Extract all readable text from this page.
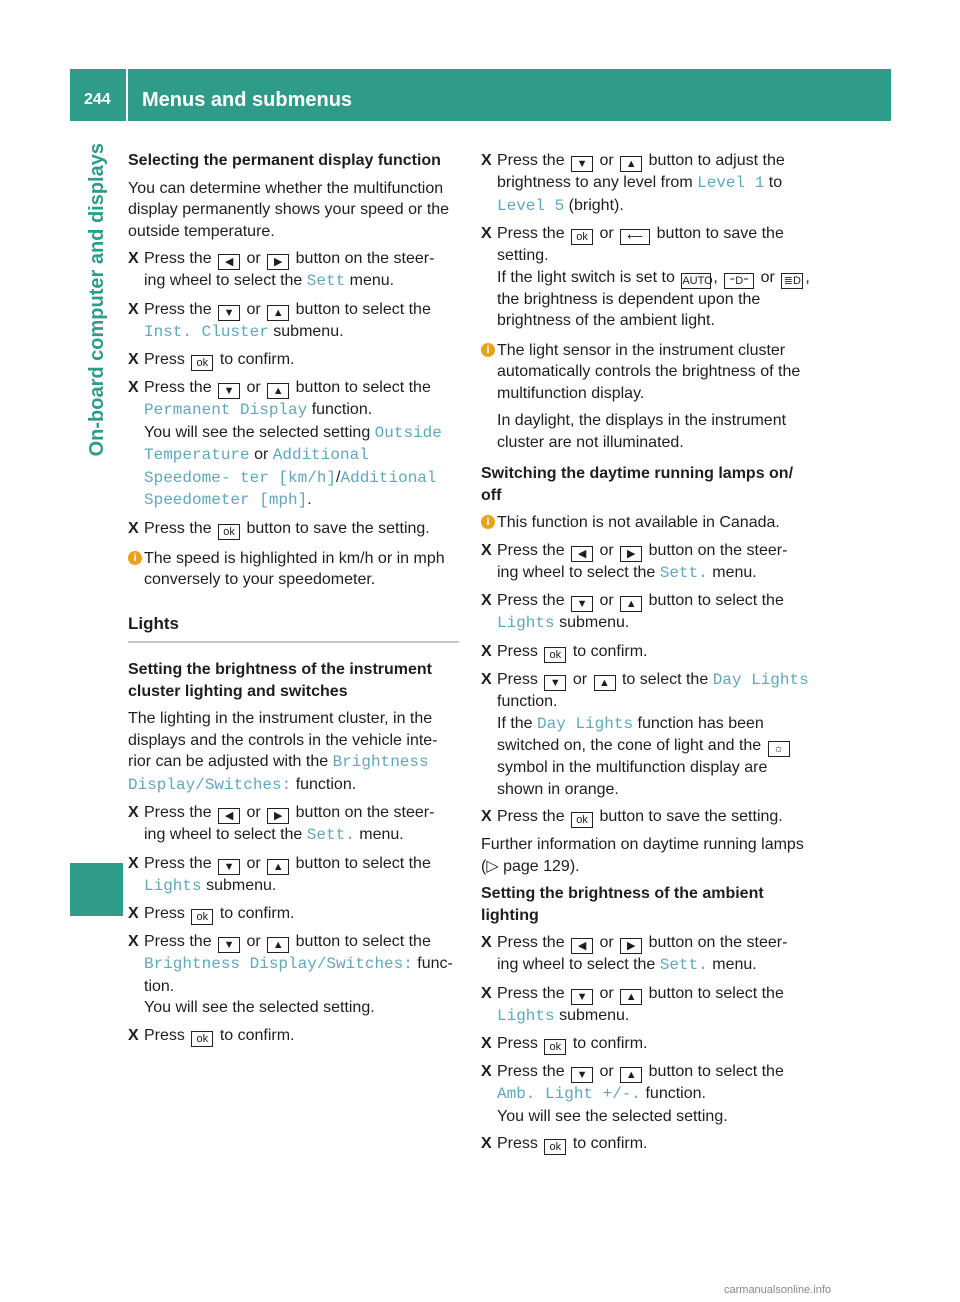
244 Menus and submenus
On-board computer and displays	Selecting the permanent display function

You can determine whether the multifunction display permanently shows your speed or the outside temperature.

X Press the ◀ or ▶ button on the steer‑ ing wheel to select the Sett menu.
X Press the ▼ or ▲ button to select the Inst. Cluster submenu.
X Press ok to confirm.
X Press the ▼ or ▲ button to select the Permanent Display function.
You will see the selected setting Outside Temperature or Additional Speedome‑ ter [km/h]/Additional Speedometer [mph].
X Press the ok button to save the setting.
i The speed is highlighted in km/h or in mph conversely to your speedometer.

Lights

Setting the brightness of the instrument cluster lighting and switches

The lighting in the instrument cluster, in the displays and the controls in the vehicle inte‑ rior can be adjusted with the Brightness Display/Switches: function.

X Press the ◀ or ▶ button on the steer‑ ing wheel to select the Sett. menu.
X Press the ▼ or ▲ button to select the Lights submenu.
X Press ok to confirm.
X Press the ▼ or ▲ button to select the Brightness Display/Switches: func‑ tion.
You will see the selected setting.
X Press ok to confirm.
X Press the ▼ or ▲ button to adjust the brightness to any level from Level 1 to Level 5 (bright).
X Press the ok or ⟵ button to save the setting.
If the light switch is set to AUTO, ⁼D⁼ or ≣D , the brightness is dependent upon the brightness of the ambient light.
i The light sensor in the instrument cluster automatically controls the brightness of the multifunction display.

In daylight, the displays in the instrument cluster are not illuminated.

Switching the daytime running lamps on/ off

i This function is not available in Canada.
X Press the ◀ or ▶ button on the steer‑ ing wheel to select the Sett. menu.
X Press the ▼ or ▲ button to select the Lights submenu.
X Press ok to confirm.
X Press ▼ or ▲ to select the Day Lights function.
If the Day Lights function has been switched on, the cone of light and the ☼ symbol in the multifunction display are shown in orange.
X Press the ok button to save the setting.

Further information on daytime running lamps (▷ page 129).

Setting the brightness of the ambient lighting

X Press the ◀ or ▶ button on the steer‑ ing wheel to select the Sett. menu.
X Press the ▼ or ▲ button to select the Lights submenu.
X Press ok to confirm.
X Press the ▼ or ▲ button to select the Amb. Light +/-. function.
You will see the selected setting.
X Press ok to confirm.
carmanualsonline.info
